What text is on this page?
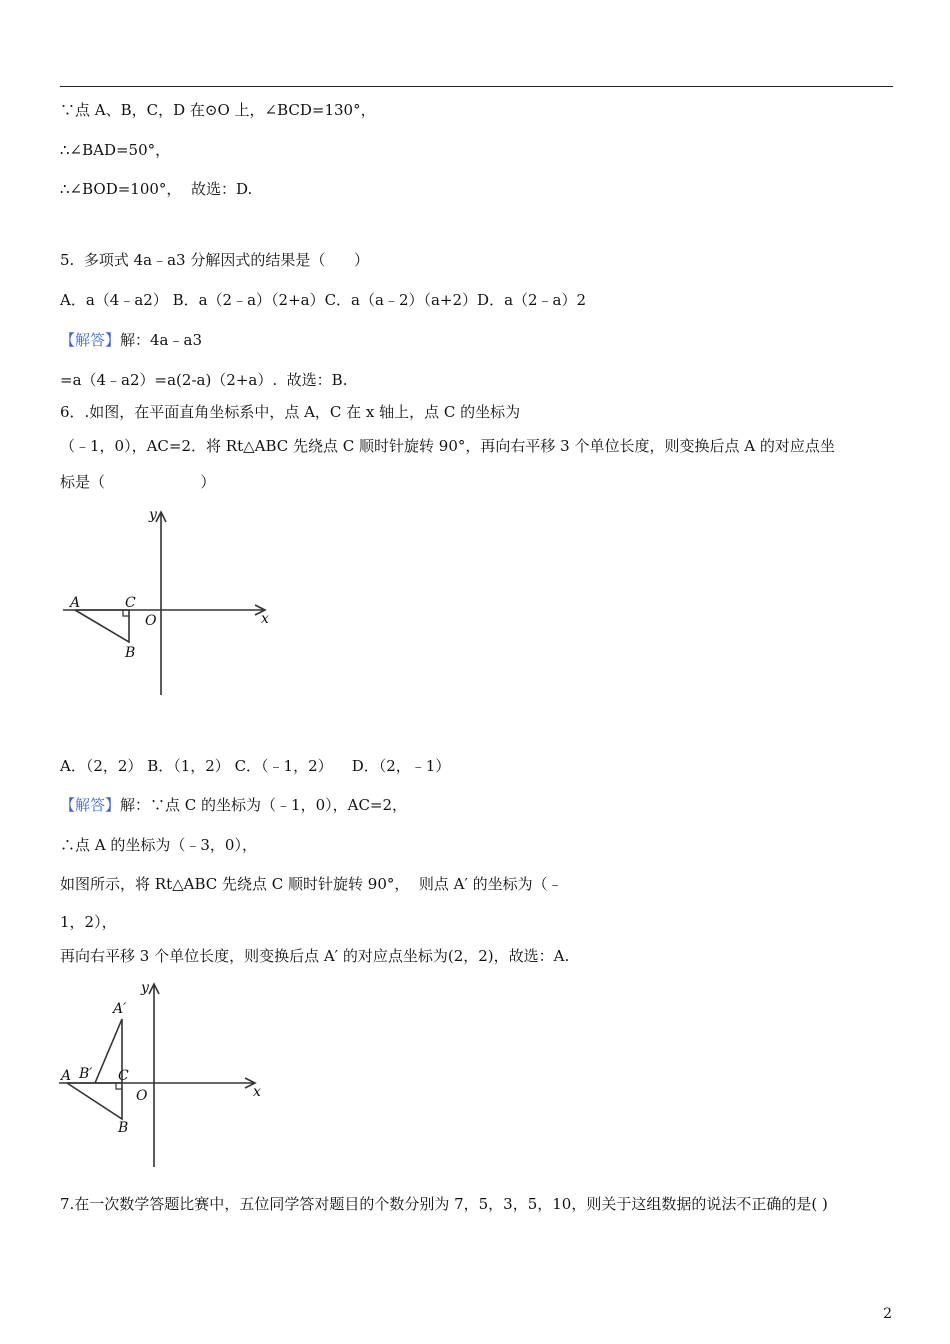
∵点 A、B，C，D 在⊙O 上，∠BCD=130°，
∴∠BAD=50°，
∴∠BOD=100°，  故选：D.
5.  多项式 4a﹣a3 分解因式的结果是（      ）
A．a（4﹣a2） B．a（2﹣a）（2+a）C．a（a﹣2）（a+2）D．a（2﹣a）2
【解答】解：4a﹣a3
=a（4﹣a2）=a(2-a)（2+a）.  故选：B.
6．.如图，在平面直角坐标系中，点 A，C 在 x 轴上，点 C 的坐标为
（﹣1，0），AC=2．将 Rt△ABC 先绕点 C 顺时针旋转 90°，再向右平移 3 个单位长度，则变换后点 A 的对应点坐
标是（                    ）
y
x
A	C
O
B
A．（2，2） B．（1，2） C．（﹣1，2）    D．（2，﹣1）
【解答】解：∵点 C 的坐标为（﹣1，0），AC=2，
∴点 A 的坐标为（﹣3，0），
如图所示，将 Rt△ABC 先绕点 C 顺时针旋转 90°，  则点 A′ 的坐标为（﹣
1，2），
再向右平移 3 个单位长度，则变换后点 A′ 的对应点坐标为(2，2)，故选：A.
y
x
A′
A B′ C
O
B
7.在一次数学答题比赛中，五位同学答对题目的个数分别为 7，5，3，5，10，则关于这组数据的说法不正确的是( )
2
